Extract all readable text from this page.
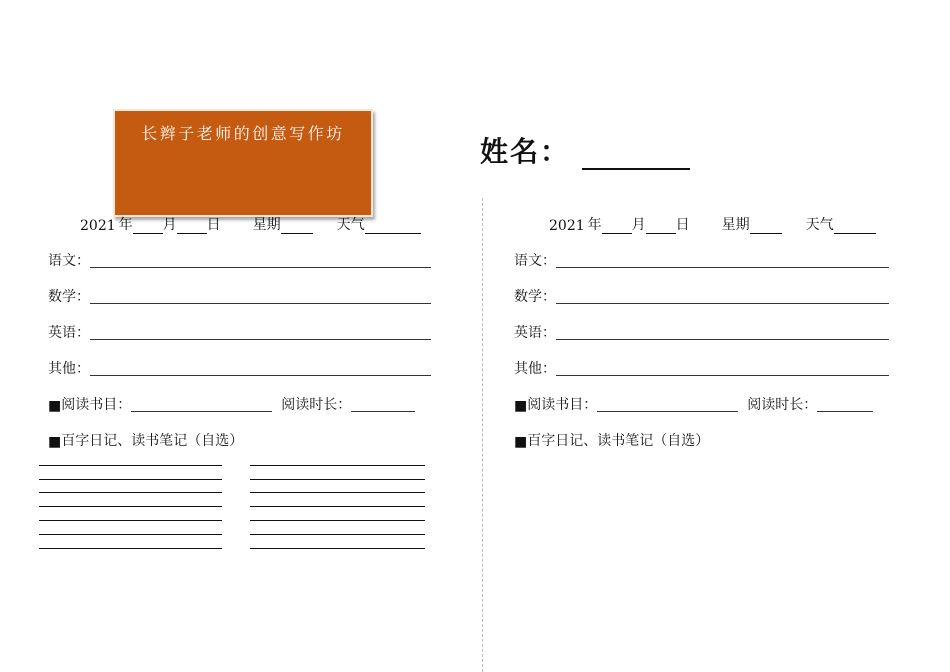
长辫子老师的创意写作坊
姓名：
2021 年 月 日 星期	天气
语文：
数学：
英语：
其他：
■ 阅读书目：	阅读时长：
■ 百字日记、读书笔记（自选）
2021 年 月 日 星期	天气
语文：
数学：
英语：
其他：
■ 阅读书目：	阅读时长：
■ 百字日记、读书笔记（自选）
